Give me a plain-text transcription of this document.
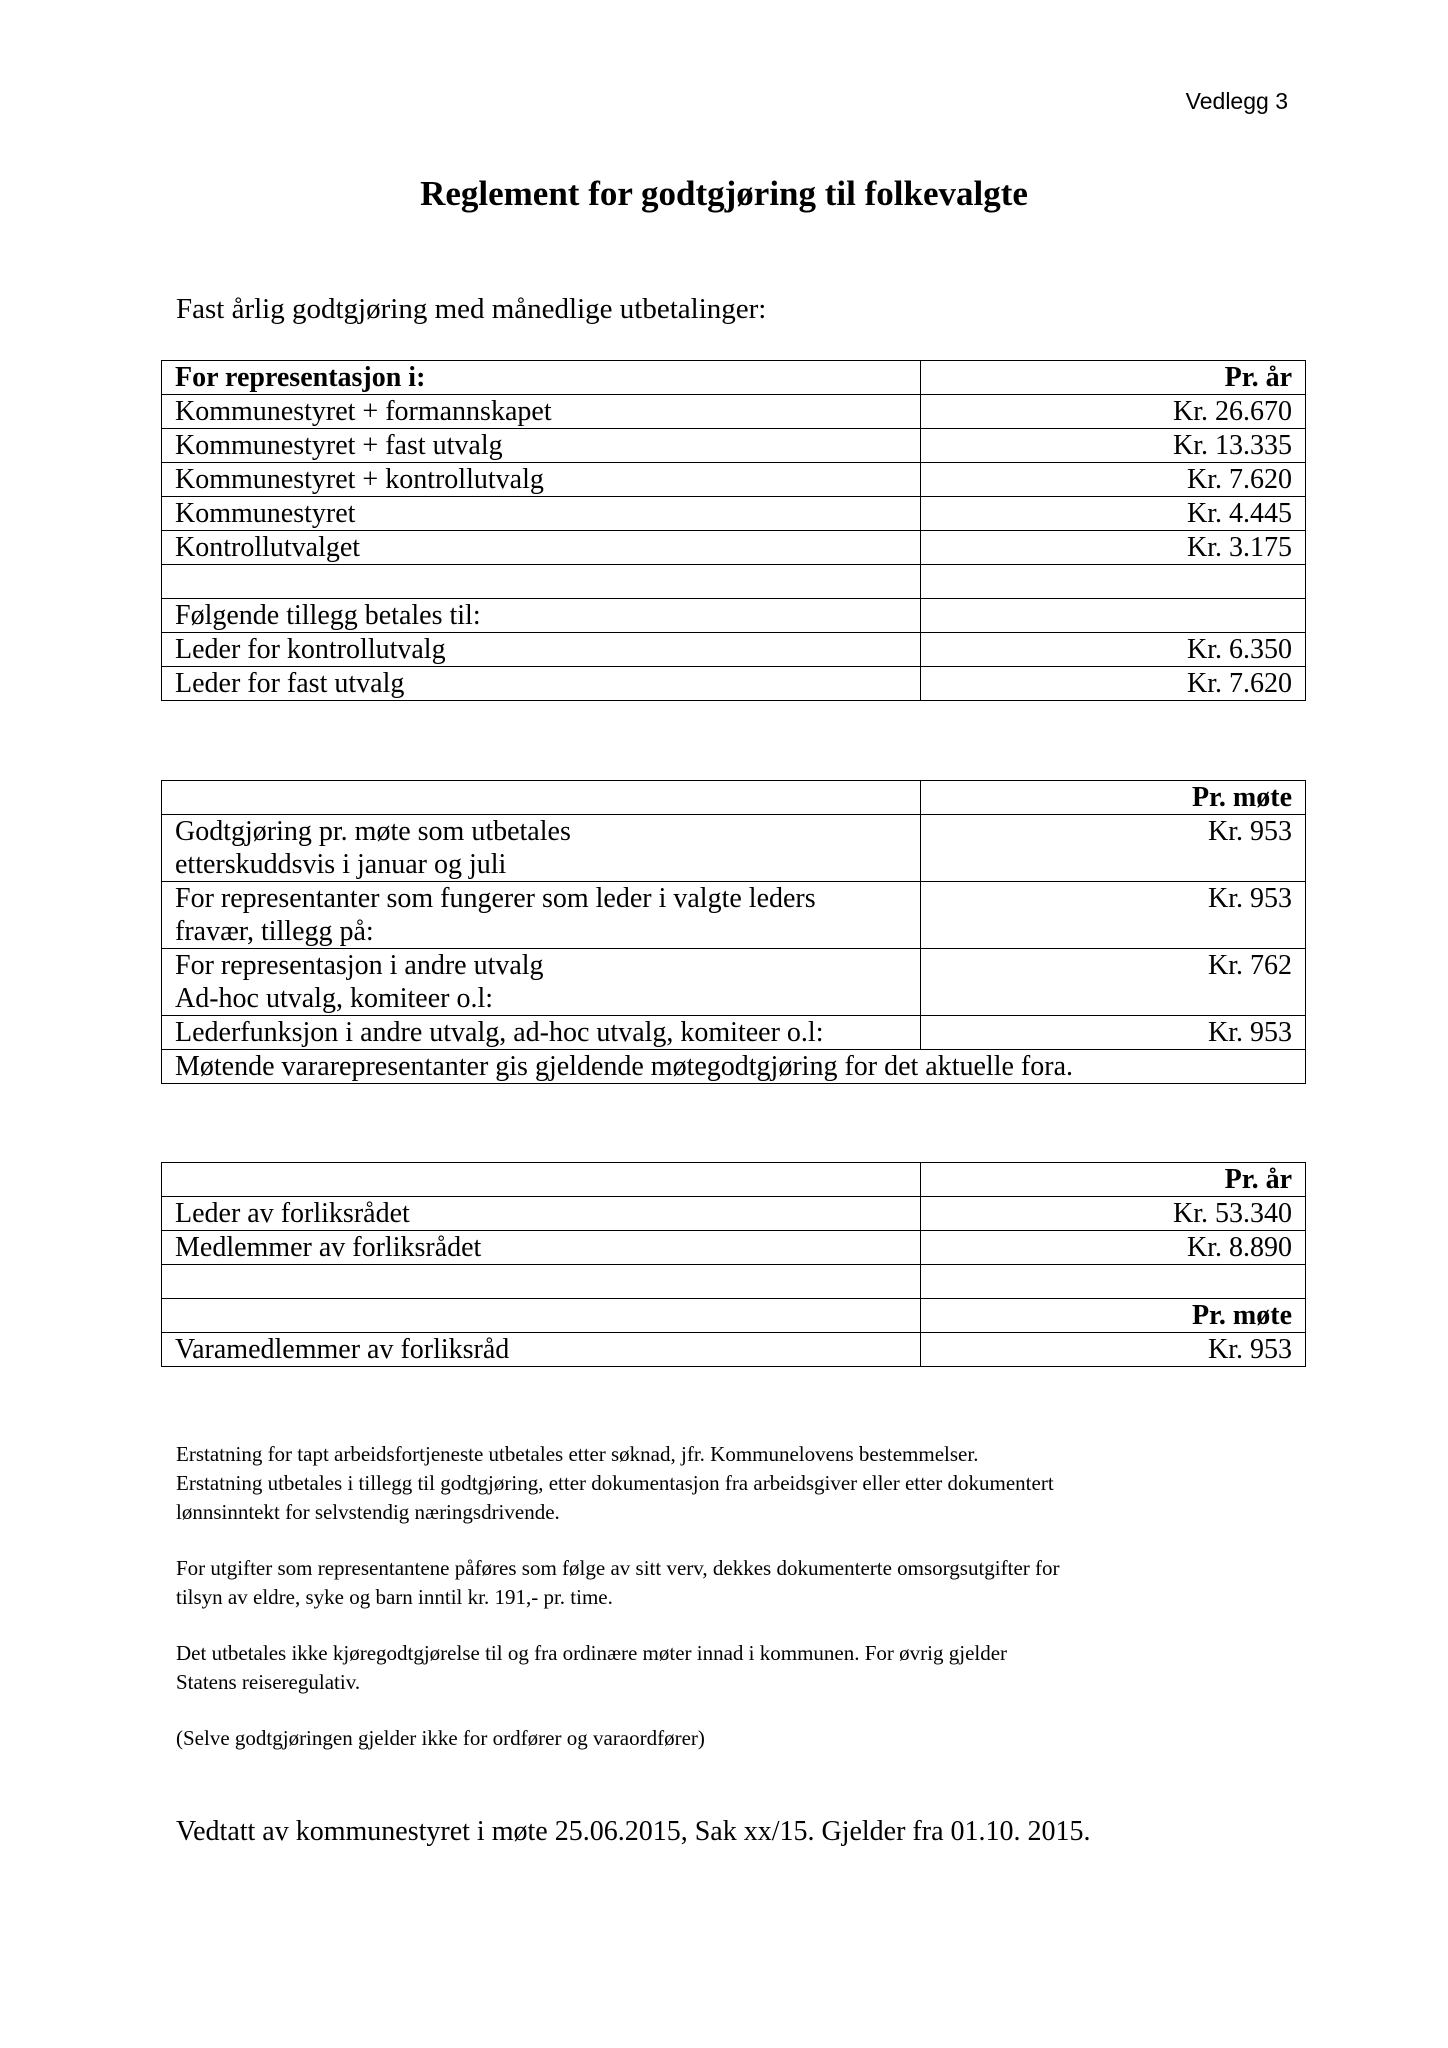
Vedlegg 3
Reglement for godtgjøring til folkevalgte

Fast årlig godtgjøring med månedlige utbetalinger:

For representasjon i:	Pr. år
Kommunestyret + formannskapet	Kr. 26.670
Kommunestyret + fast utvalg	Kr. 13.335
Kommunestyret + kontrollutvalg	Kr. 7.620
Kommunestyret	Kr. 4.445
Kontrollutvalget	Kr. 3.175

Følgende tillegg betales til:	
Leder for kontrollutvalg	Kr. 6.350
Leder for fast utvalg	Kr. 7.620
	Pr. møte
Godtgjøring pr. møte som utbetales
etterskuddsvis i januar og juli	Kr. 953
For representanter som fungerer som leder i valgte leders
fravær, tillegg på:	Kr. 953
For representasjon i andre utvalg
Ad-hoc utvalg, komiteer o.l:	Kr. 762
Lederfunksjon i andre utvalg, ad-hoc utvalg, komiteer o.l:	Kr. 953
Møtende vararepresentanter gis gjeldende møtegodtgjøring for det aktuelle fora.	
	Pr. år
Leder av forliksrådet	Kr. 53.340
Medlemmer av forliksrådet	Kr. 8.890

	Pr. møte
Varamedlemmer av forliksråd	Kr. 953

Erstatning for tapt arbeidsfortjeneste utbetales etter søknad, jfr. Kommunelovens bestemmelser.
Erstatning utbetales i tillegg til godtgjøring, etter dokumentasjon fra arbeidsgiver eller etter dokumentert
lønnsinntekt for selvstendig næringsdrivende.

For utgifter som representantene påføres som følge av sitt verv, dekkes dokumenterte omsorgsutgifter for
tilsyn av eldre, syke og barn inntil kr. 191,- pr. time.

Det utbetales ikke kjøregodtgjørelse til og fra ordinære møter innad i kommunen. For øvrig gjelder
Statens reiseregulativ.

(Selve godtgjøringen gjelder ikke for ordfører og varaordfører)

Vedtatt av kommunestyret i møte 25.06.2015, Sak xx/15. Gjelder fra 01.10. 2015.
